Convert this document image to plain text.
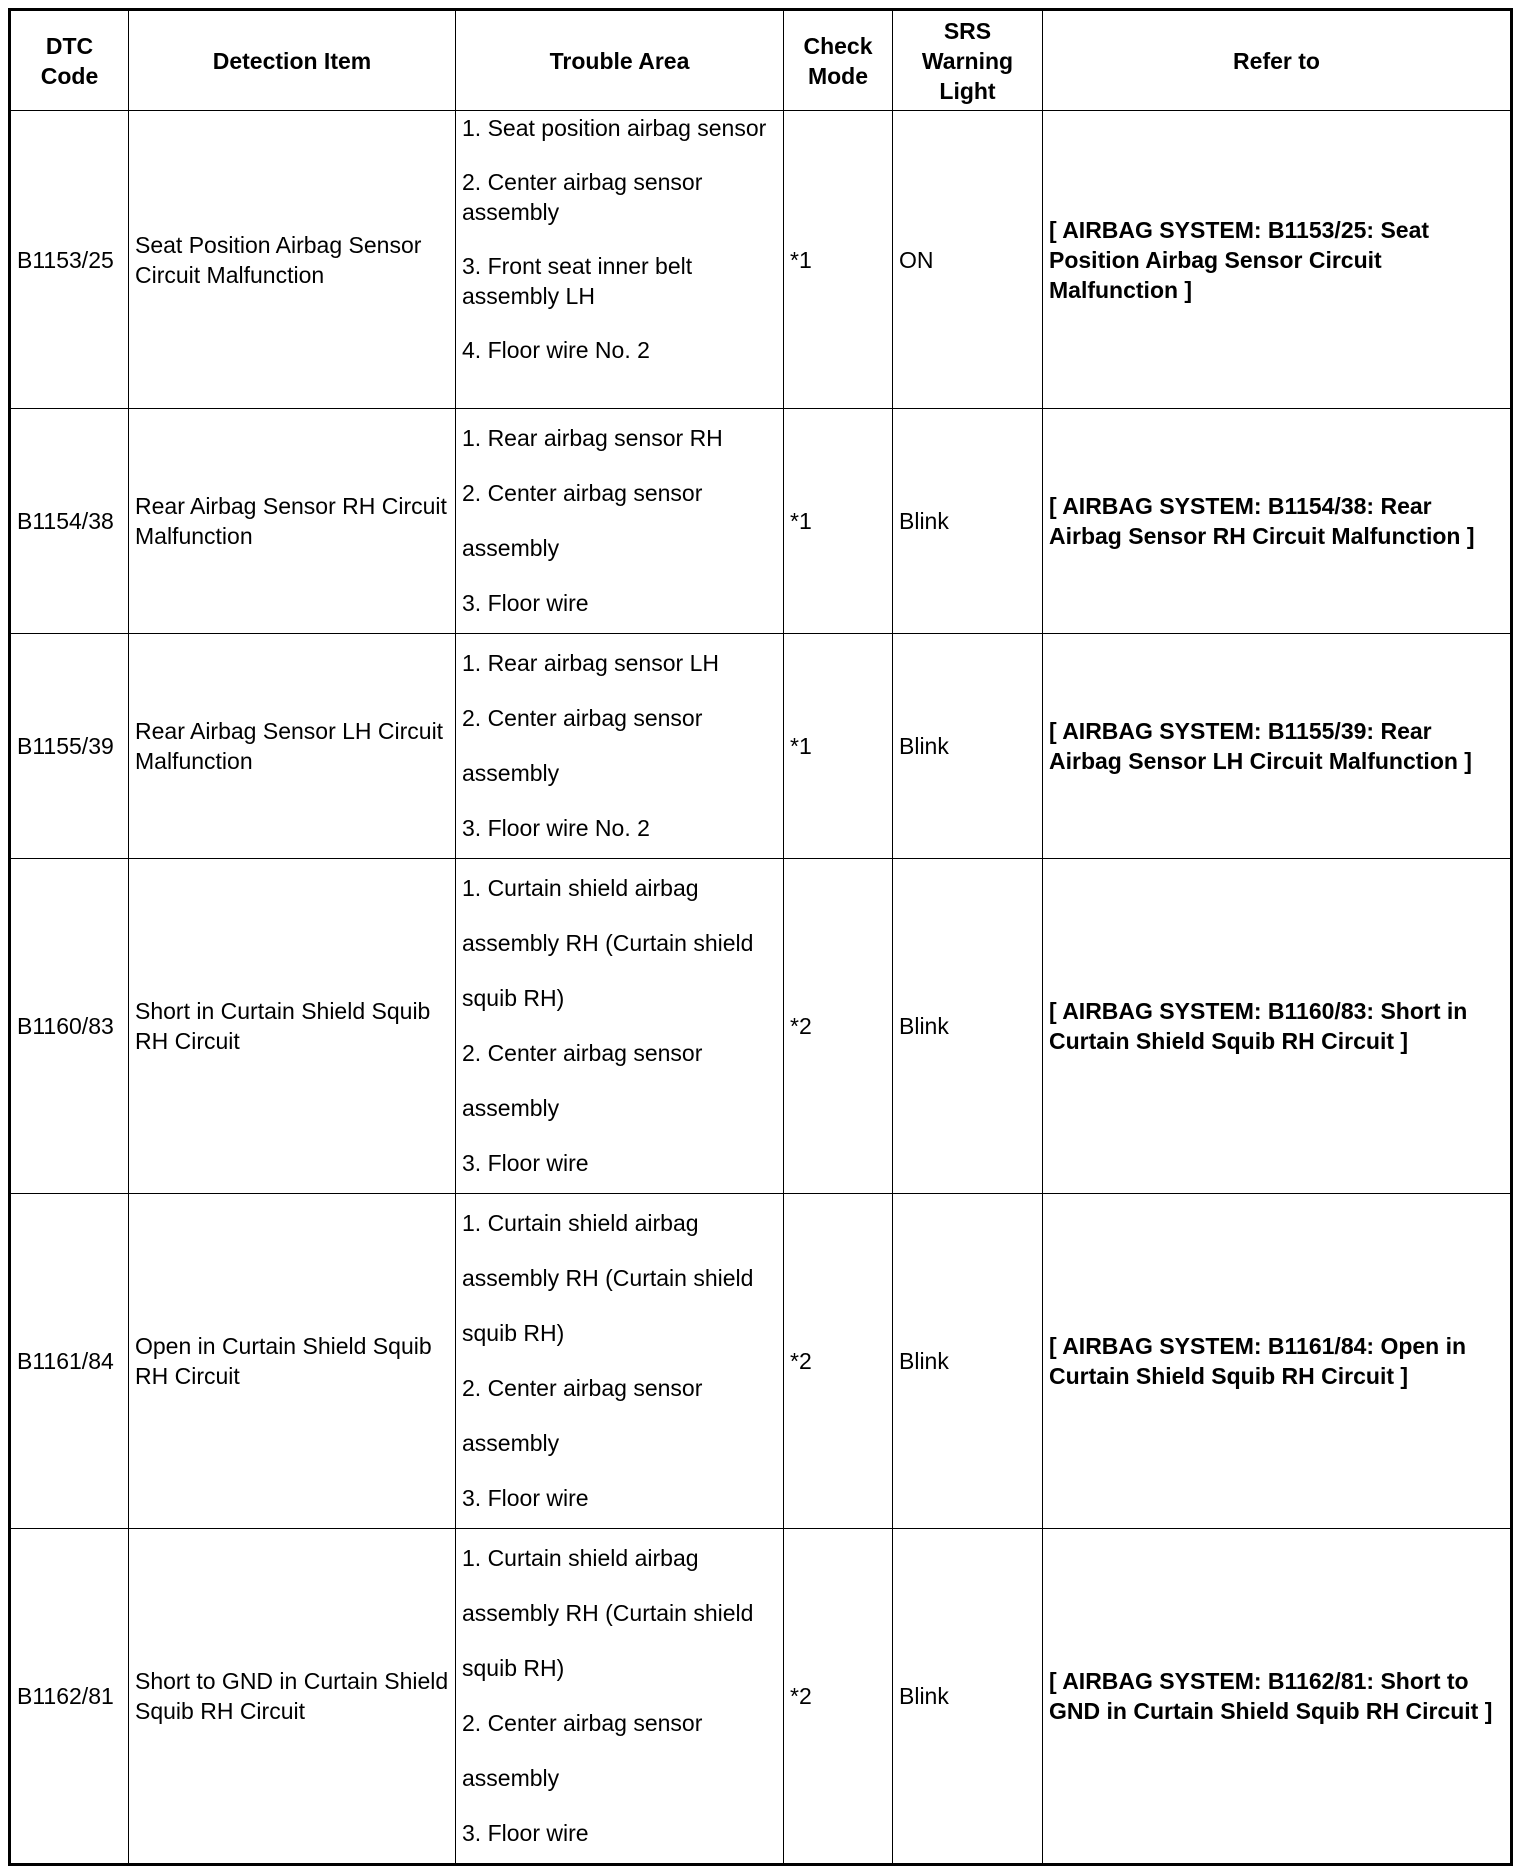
DTC Code	Detection Item	Trouble Area	Check Mode	SRS Warning Light	Refer to
B1153/25	Seat Position Airbag Sensor Circuit Malfunction	1. Seat position airbag sensor
2. Center airbag sensor assembly
3. Front seat inner belt assembly LH
4. Floor wire No. 2	*1	ON	[ AIRBAG SYSTEM: B1153/25: Seat Position Airbag Sensor Circuit Malfunction ]
B1154/38	Rear Airbag Sensor RH Circuit Malfunction	1. Rear airbag sensor RH
2. Center airbag sensor assembly
3. Floor wire	*1	Blink	[ AIRBAG SYSTEM: B1154/38: Rear Airbag Sensor RH Circuit Malfunction ]
B1155/39	Rear Airbag Sensor LH Circuit Malfunction	1. Rear airbag sensor LH
2. Center airbag sensor assembly
3. Floor wire No. 2	*1	Blink	[ AIRBAG SYSTEM: B1155/39: Rear Airbag Sensor LH Circuit Malfunction ]
B1160/83	Short in Curtain Shield Squib RH Circuit	1. Curtain shield airbag assembly RH (Curtain shield squib RH)
2. Center airbag sensor assembly
3. Floor wire	*2	Blink	[ AIRBAG SYSTEM: B1160/83: Short in Curtain Shield Squib RH Circuit ]
B1161/84	Open in Curtain Shield Squib RH Circuit	1. Curtain shield airbag assembly RH (Curtain shield squib RH)
2. Center airbag sensor assembly
3. Floor wire	*2	Blink	[ AIRBAG SYSTEM: B1161/84: Open in Curtain Shield Squib RH Circuit ]
B1162/81	Short to GND in Curtain Shield Squib RH Circuit	1. Curtain shield airbag assembly RH (Curtain shield squib RH)
2. Center airbag sensor assembly
3. Floor wire	*2	Blink	[ AIRBAG SYSTEM: B1162/81: Short to GND in Curtain Shield Squib RH Circuit ]
